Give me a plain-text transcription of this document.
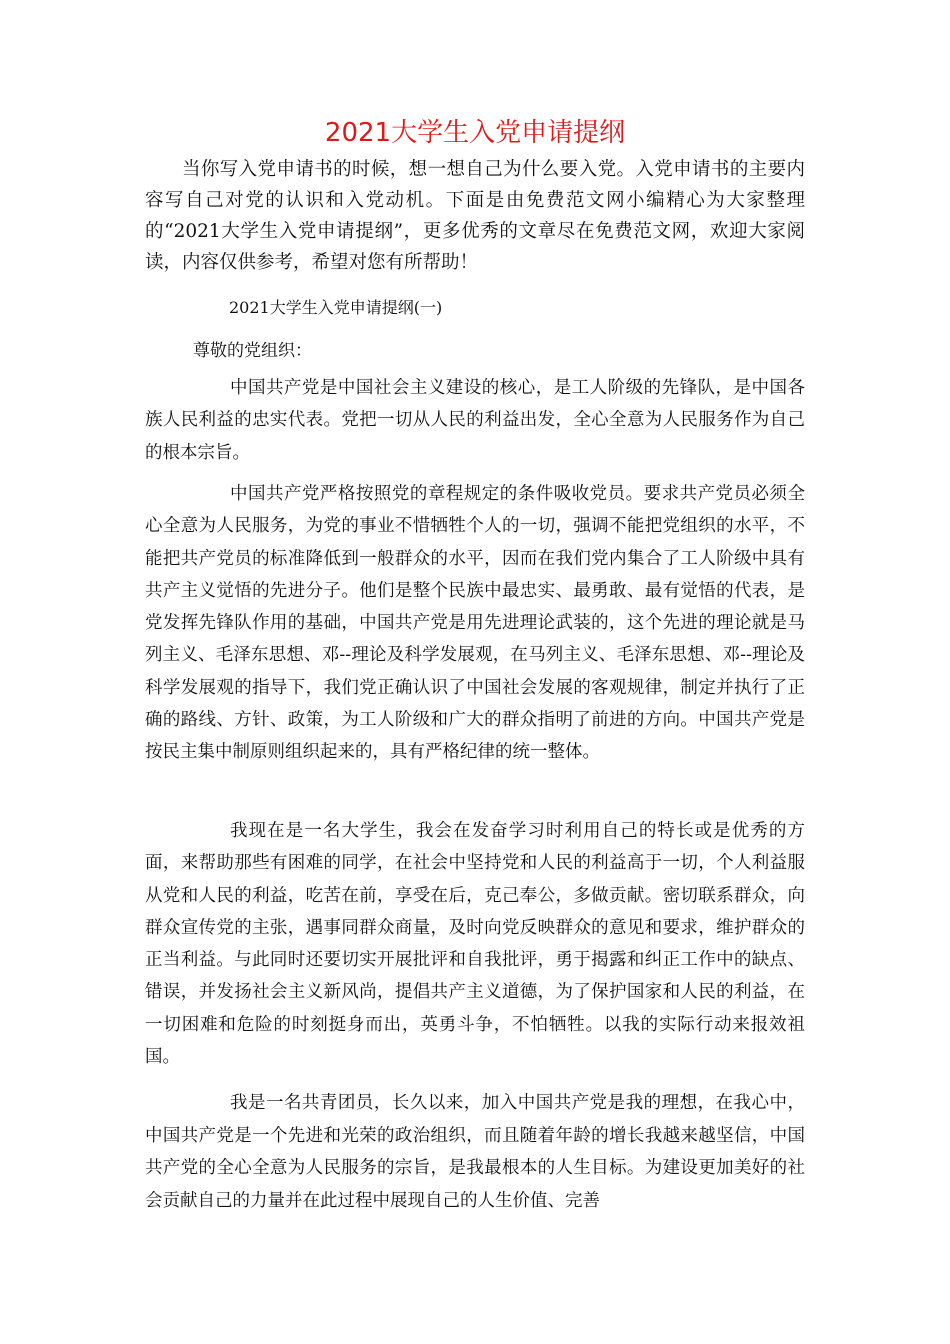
2021大学生入党申请提纲

当你写入党申请书的时候，想一想自己为什么要入党。入党申请书的主要内容写自己对党的认识和入党动机。下面是由免费范文网小编精心为大家整理的“2021大学生入党申请提纲”，更多优秀的文章尽在免费范文网，欢迎大家阅读，内容仅供参考，希望对您有所帮助！

2021大学生入党申请提纲(一)

尊敬的党组织：

中国共产党是中国社会主义建设的核心，是工人阶级的先锋队，是中国各族人民利益的忠实代表。党把一切从人民的利益出发，全心全意为人民服务作为自己的根本宗旨。

中国共产党严格按照党的章程规定的条件吸收党员。要求共产党员必须全心全意为人民服务，为党的事业不惜牺牲个人的一切，强调不能把党组织的水平，不能把共产党员的标准降低到一般群众的水平，因而在我们党内集合了工人阶级中具有共产主义觉悟的先进分子。他们是整个民族中最忠实、最勇敢、最有觉悟的代表，是党发挥先锋队作用的基础，中国共产党是用先进理论武装的，这个先进的理论就是马列主义、毛泽东思想、邓--理论及科学发展观，在马列主义、毛泽东思想、邓--理论及科学发展观的指导下，我们党正确认识了中国社会发展的客观规律，制定并执行了正确的路线、方针、政策，为工人阶级和广大的群众指明了前进的方向。中国共产党是按民主集中制原则组织起来的，具有严格纪律的统一整体。

我现在是一名大学生，我会在发奋学习时利用自己的特长或是优秀的方面，来帮助那些有困难的同学，在社会中坚持党和人民的利益高于一切，个人利益服从党和人民的利益，吃苦在前，享受在后，克己奉公，多做贡献。密切联系群众，向群众宣传党的主张，遇事同群众商量，及时向党反映群众的意见和要求，维护群众的正当利益。与此同时还要切实开展批评和自我批评，勇于揭露和纠正工作中的缺点、错误，并发扬社会主义新风尚，提倡共产主义道德，为了保护国家和人民的利益，在一切困难和危险的时刻挺身而出，英勇斗争，不怕牺牲。以我的实际行动来报效祖国。

我是一名共青团员，长久以来，加入中国共产党是我的理想，在我心中，中国共产党是一个先进和光荣的政治组织，而且随着年龄的增长我越来越坚信，中国共产党的全心全意为人民服务的宗旨，是我最根本的人生目标。为建设更加美好的社会贡献自己的力量并在此过程中展现自己的人生价值、完善
